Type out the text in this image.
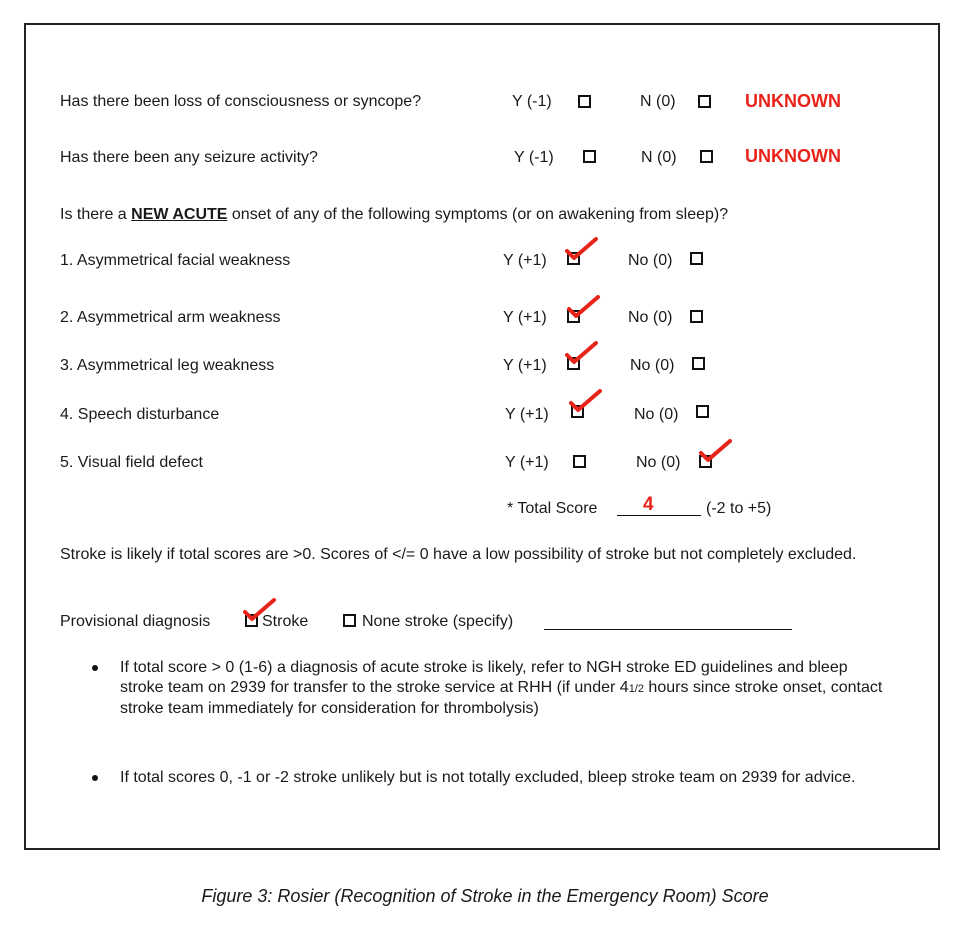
Has there been loss of consciousness or syncope?	Y (-1)	N (0)	UNKNOWN
Has there been any seizure activity?	Y (-1)	N (0)	UNKNOWN
Is there a NEW ACUTE onset of any of the following symptoms (or on awakening from sleep)?
1. Asymmetrical facial weakness	Y (+1)	No (0)
2. Asymmetrical arm weakness	Y (+1)	No (0)
3. Asymmetrical leg weakness	Y (+1)	No (0)
4. Speech disturbance	Y (+1)	No (0)
5. Visual field defect	Y (+1)	No (0)
* Total Score 4	(-2 to +5)
Stroke is likely if total scores are >0. Scores of </= 0 have a low possibility of stroke but not completely excluded.
Provisional diagnosis	Stroke	None stroke (specify)
If total score > 0 (1-6) a diagnosis of acute stroke is likely, refer to NGH stroke ED guidelines and bleep stroke team on 2939 for transfer to the stroke service at RHH (if under 41/2 hours since stroke onset, contact stroke team immediately for consideration for thrombolysis)
If total scores 0, -1 or -2 stroke unlikely but is not totally excluded, bleep stroke team on 2939 for advice.
Figure 3: Rosier (Recognition of Stroke in the Emergency Room) Score
